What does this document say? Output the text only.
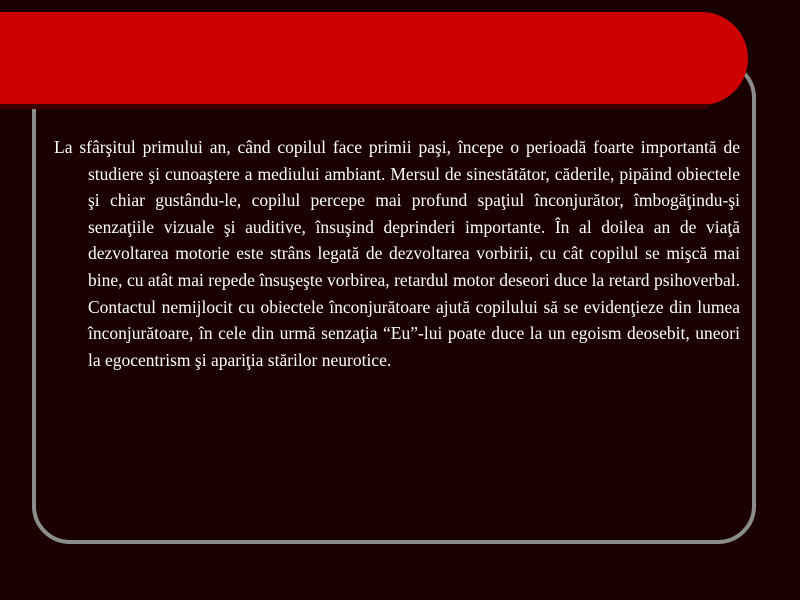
La sfârşitul primului an, când copilul face primii paşi, începe o perioadă foarte importantă de studiere şi cunoaştere a mediului ambiant. Mersul de sinestătător, căderile, pipăind obiectele şi chiar gustându-le, copilul percepe mai profund spaţiul înconjurător, îmbogăţindu-şi senzaţiile vizuale şi auditive, însuşind deprinderi importante. În al doilea an de viaţă dezvoltarea motorie este strâns legată de dezvoltarea vorbirii, cu cât copilul se mişcă mai bine, cu atât mai repede însuşeşte vorbirea, retardul motor deseori duce la retard psihoverbal. Contactul nemijlocit cu obiectele înconjurătoare ajută copilului să se evidenţieze din lumea înconjurătoare, în cele din urmă senzaţia “Eu”-lui poate duce la un egoism deosebit, uneori la egocentrism şi apariţia stărilor neurotice.
